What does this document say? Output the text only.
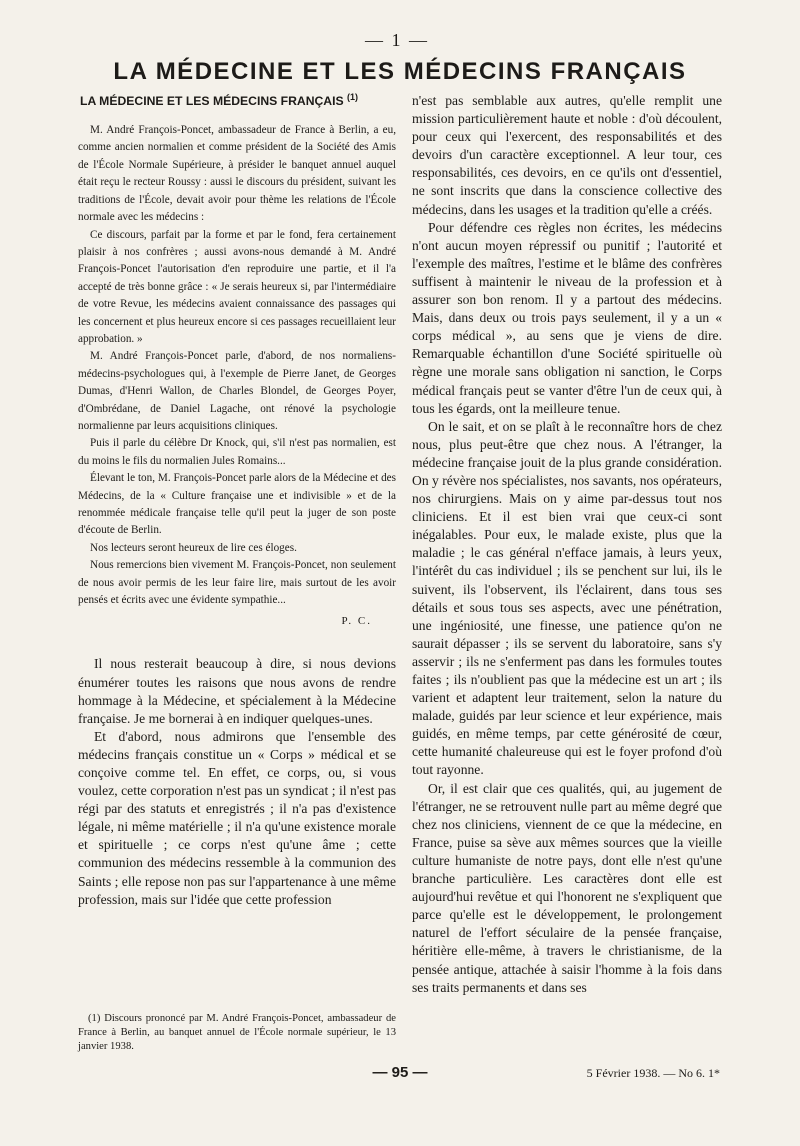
— 1 —
LA MÉDECINE ET LES MÉDECINS FRANÇAIS
LA MÉDECINE ET LES MÉDECINS FRANÇAIS $^{(1)}$

M. André François-Poncet, ambassadeur de France à Berlin, a eu, comme ancien normalien et comme président de la Société des Amis de l'École Normale Supérieure, à présider le banquet annuel auquel était reçu le recteur Roussy : aussi le discours du président, suivant les traditions de l'École, devait avoir pour thème les relations de l'École normale avec les médecins :

Ce discours, parfait par la forme et par le fond, fera certainement plaisir à nos confrères ; aussi avons-nous demandé à M. André François-Poncet l'autorisation d'en reproduire une partie, et il l'a accepté de très bonne grâce : « Je serais heureux si, par l'intermédiaire de votre Revue, les médecins avaient connaissance des passages qui les concernent et plus heureux encore si ces passages recueillaient leur approbation. »

M. André François-Poncet parle, d'abord, de nos normaliens-médecins-psychologues qui, à l'exemple de Pierre Janet, de Georges Dumas, d'Henri Wallon, de Charles Blondel, de Georges Poyer, d'Ombrédane, de Daniel Lagache, ont rénové la psychologie normalienne par leurs acquisitions cliniques.

Puis il parle du célèbre Dr Knock, qui, s'il n'est pas normalien, est du moins le fils du normalien Jules Romains...

Élevant le ton, M. François-Poncet parle alors de la Médecine et des Médecins, de la « Culture française une et indivisible » et de la renommée médicale française telle qu'il peut la juger de son poste d'écoute de Berlin.

Nos lecteurs seront heureux de lire ces éloges.

Nous remercions bien vivement M. François-Poncet, non seulement de nous avoir permis de les leur faire lire, mais surtout de les avoir pensés et écrits avec une évidente sympathie...

P. C.

Il nous resterait beaucoup à dire, si nous devions énumérer toutes les raisons que nous avons de rendre hommage à la Médecine, et spécialement à la Médecine française. Je me bornerai à en indiquer quelques-unes.

Et d'abord, nous admirons que l'ensemble des médecins français constitue un « Corps » médical et se conçoive comme tel. En effet, ce corps, ou, si vous voulez, cette corporation n'est pas un syndicat ; il n'est pas régi par des statuts et enregistrés ; il n'a pas d'existence légale, ni même matérielle ; il n'a qu'une existence morale et spirituelle ; ce corps n'est qu'une âme ; cette communion des médecins ressemble à la communion des Saints ; elle repose non pas sur l'appartenance à une même profession, mais sur l'idée que cette profession

n'est pas semblable aux autres, qu'elle remplit une mission particulièrement haute et noble : d'où découlent, pour ceux qui l'exercent, des responsabilités et des devoirs d'un caractère exceptionnel. A leur tour, ces responsabilités, ces devoirs, en ce qu'ils ont d'essentiel, ne sont inscrits que dans la conscience collective des médecins, dans les usages et la tradition qu'elle a créés.

Pour défendre ces règles non écrites, les médecins n'ont aucun moyen répressif ou punitif ; l'autorité et l'exemple des maîtres, l'estime et le blâme des confrères suffisent à maintenir le niveau de la profession et à assurer son bon renom. Il y a partout des médecins. Mais, dans deux ou trois pays seulement, il y a un « corps médical », au sens que je viens de dire. Remarquable échantillon d'une Société spirituelle où règne une morale sans obligation ni sanction, le Corps médical français peut se vanter d'être l'un de ceux qui, à tous les égards, ont la meilleure tenue.

On le sait, et on se plaît à le reconnaître hors de chez nous, plus peut-être que chez nous. A l'étranger, la médecine française jouit de la plus grande considération. On y révère nos spécialistes, nos savants, nos opérateurs, nos chirurgiens. Mais on y aime par-dessus tout nos cliniciens. Et il est bien vrai que ceux-ci sont inégalables. Pour eux, le malade existe, plus que la maladie ; le cas général n'efface jamais, à leurs yeux, l'intérêt du cas individuel ; ils se penchent sur lui, ils le suivent, ils l'observent, ils l'éclairent, dans tous ses détails et sous tous ses aspects, avec une pénétration, une ingéniosité, une finesse, une patience qu'on ne saurait dépasser ; ils se servent du laboratoire, sans s'y asservir ; ils ne s'enferment pas dans les formules toutes faites ; ils n'oublient pas que la médecine est un art ; ils varient et adaptent leur traitement, selon la nature du malade, guidés par leur science et leur expérience, mais guidés, en même temps, par cette générosité de cœur, cette humanité chaleureuse qui est le foyer profond d'où tout rayonne.

Or, il est clair que ces qualités, qui, au jugement de l'étranger, ne se retrouvent nulle part au même degré que chez nos cliniciens, viennent de ce que la médecine, en France, puise sa sève aux mêmes sources que la vieille culture humaniste de notre pays, dont elle n'est qu'une branche particulière. Les caractères dont elle est aujourd'hui revêtue et qui l'honorent ne s'expliquent que parce qu'elle est le développement, le prolongement naturel de l'effort séculaire de la pensée française, héritière elle-même, à travers le christianisme, de la pensée antique, attachée à saisir l'homme à la fois dans ses traits permanents et dans ses

(1) Discours prononcé par M. André François-Poncet, ambassadeur de France à Berlin, au banquet annuel de l'École normale supérieur, le 13 janvier 1938.
— 95 —	5 Février 1938. — No 6. 1*
